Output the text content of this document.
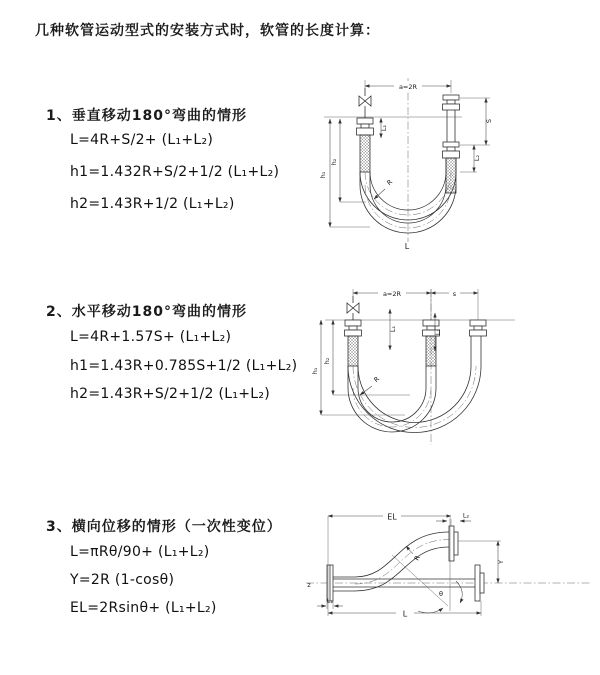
几种软管运动型式的安装方式时，软管的长度计算：
1、垂直移动180°弯曲的情形
L=4R+S/2+ (L₁+L₂)
h1=1.432R+S/2+1/2 (L₁+L₂)
h2=1.43R+1/2 (L₁+L₂)
2、水平移动180°弯曲的情形
L=4R+1.57S+ (L₁+L₂)
h1=1.43R+0.785S+1/2 (L₁+L₂)
h2=1.43R+S/2+1/2 (L₁+L₂)
3、横向位移的情形（一次性变位）
L=πRθ/90+ (L₁+L₂)
Y=2R (1-cosθ)
EL=2Rsinθ+ (L₁+L₂)
a=2R
h₁
h₂
L₁
S
L₂
R
L
a=2R	s
h₁
h₂
L₁	L₂
R
z
θ
EL	L₂
Y
L
L₁
R
